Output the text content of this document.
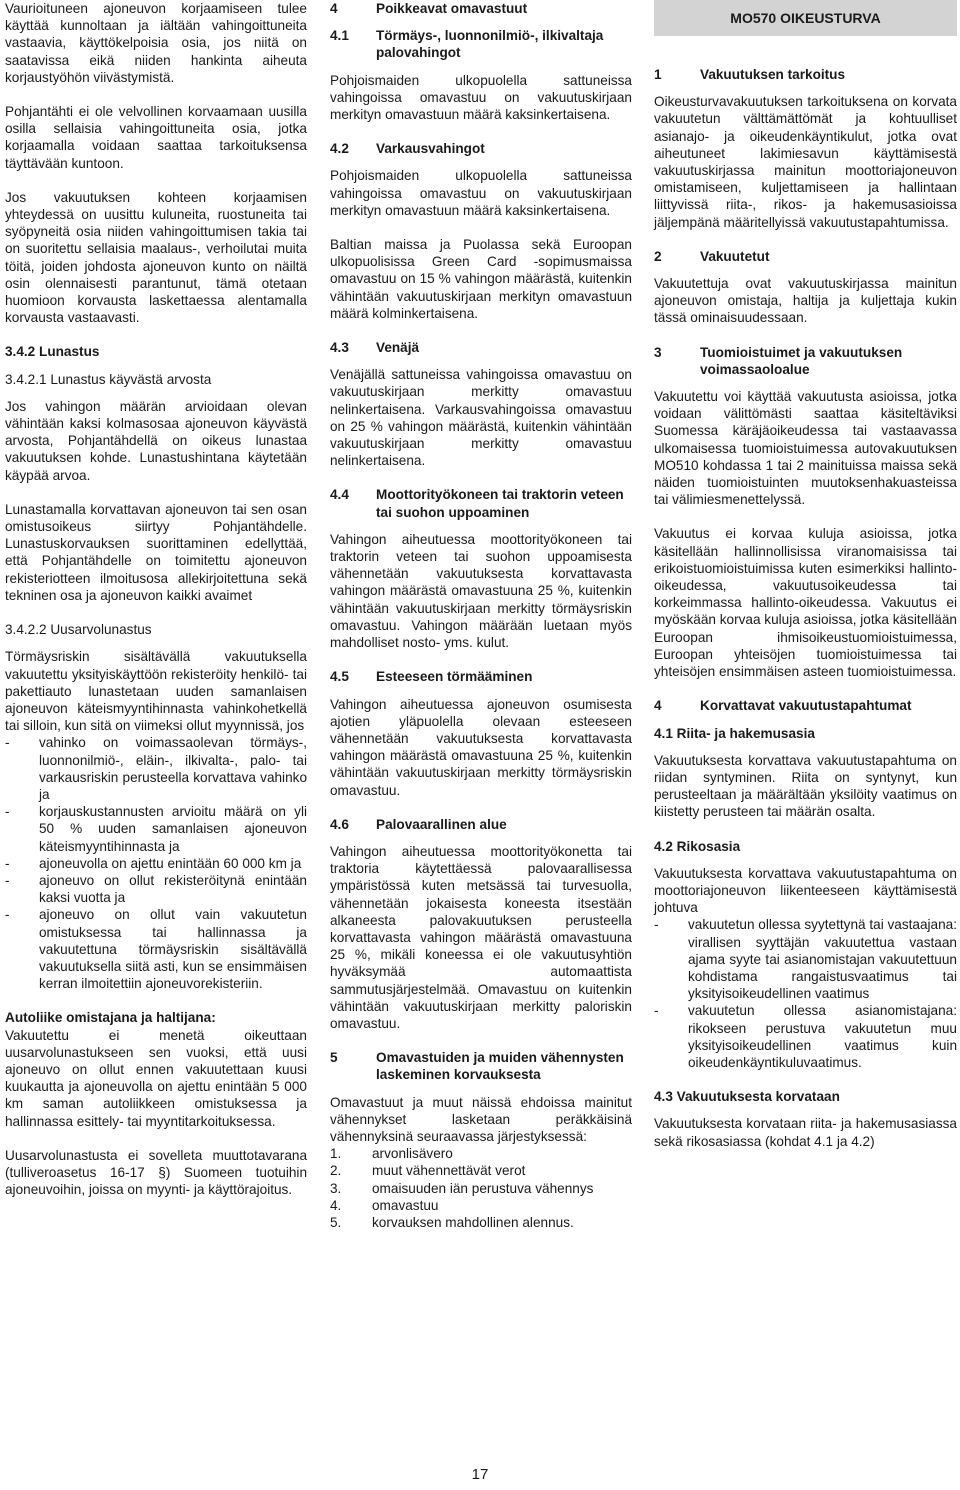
Vaurioituneen ajoneuvon korjaamiseen tulee käyttää kunnoltaan ja iältään vahingoittuneita vastaavia, käyttökelpoisia osia, jos niitä on saatavissa eikä niiden hankinta aiheuta korjaustyöhön viivästymistä.

Pohjantähti ei ole velvollinen korvaamaan uusilla osilla sellaisia vahingoittuneita osia, jotka korjaamalla voidaan saattaa tarkoituksensa täyttävään kuntoon.

Jos vakuutuksen kohteen korjaamisen yhteydessä on uusittu kuluneita, ruostuneita tai syöpyneitä osia niiden vahingoittumisen takia tai on suoritettu sellaisia maalaus-, verhoilutai muita töitä, joiden johdosta ajoneuvon kunto on näiltä osin olennaisesti parantunut, tämä otetaan huomioon korvausta laskettaessa alentamalla korvausta vastaavasti.

3.4.2 Lunastus
3.4.2.1 Lunastus käyvästä arvosta

Jos vahingon määrän arvioidaan olevan vähintään kaksi kolmasosaa ajoneuvon käyvästä arvosta, Pohjantähdellä on oikeus lunastaa vakuutuksen kohde. Lunastushintana käytetään käypää arvoa.

Lunastamalla korvattavan ajoneuvon tai sen osan omistusoikeus siirtyy Pohjantähdelle. Lunastuskorvauksen suorittaminen edellyttää, että Pohjantähdelle on toimitettu ajoneuvon rekisteriotteen ilmoitusosa allekirjoitettuna sekä tekninen osa ja ajoneuvon kaikki avaimet

3.4.2.2 Uusarvolunastus

Törmäysriskin sisältävällä vakuutuksella vakuutettu yksityiskäyttöön rekisteröity henkilö- tai pakettiauto lunastetaan uuden samanlaisen ajoneuvon käteismyyntihinnasta vahinkohetkellä tai silloin, kun sitä on viimeksi ollut myynnissä, jos

-	vahinko on voimassaolevan törmäys-, luonnonilmiö-, eläin-, ilkivalta-, palo- tai varkausriskin perusteella korvattava vahinko ja
-	korjauskustannusten arvioitu määrä on yli 50 % uuden samanlaisen ajoneuvon käteismyyntihinnasta ja
-	ajoneuvolla on ajettu enintään 60 000 km ja
-	ajoneuvo on ollut rekisteröitynä enintään kaksi vuotta ja
-	ajoneuvo on ollut vain vakuutetun omistuksessa tai hallinnassa ja vakuutettuna törmäysriskin sisältävällä vakuutuksella siitä asti, kun se ensimmäisen kerran ilmoitettiin ajoneuvorekisteriin.
Autoliike omistajana ja haltijana:

Vakuutettu ei menetä oikeuttaan uusarvolunastukseen sen vuoksi, että uusi ajoneuvo on ollut ennen vakuutettaan kuusi kuukautta ja ajoneuvolla on ajettu enintään 5 000 km saman autoliikkeen omistuksessa ja hallinnassa esittely- tai myyntitarkoituksessa.

Uusarvolunastusta ei sovelleta muuttotavarana (tulliveroasetus 16-17 §) Suomeen tuotuihin ajoneuvoihin, joissa on myynti- ja käyttörajoitus.

4	Poikkeavat omavastuut
4.1	Törmäys-, luonnonilmiö-, ilkivaltaja palovahingot

Pohjoismaiden ulkopuolella sattuneissa vahingoissa omavastuu on vakuutuskirjaan merkityn omavastuun määrä kaksinkertaisena.

4.2	Varkausvahingot

Pohjoismaiden ulkopuolella sattuneissa vahingoissa omavastuu on vakuutuskirjaan merkityn omavastuun määrä kaksinkertaisena.

Baltian maissa ja Puolassa sekä Euroopan ulkopuolisissa Green Card -sopimusmaissa omavastuu on 15 % vahingon määrästä, kuitenkin vähintään vakuutuskirjaan merkityn omavastuun määrä kolminkertaisena.

4.3	Venäjä

Venäjällä sattuneissa vahingoissa omavastuu on vakuutuskirjaan merkitty omavastuu nelinkertaisena. Varkausvahingoissa omavastuu on 25 % vahingon määrästä, kuitenkin vähintään vakuutuskirjaan merkitty omavastuu nelinkertaisena.

4.4	Moottorityökoneen tai traktorin veteen tai suohon uppoaminen

Vahingon aiheutuessa moottorityökoneen tai traktorin veteen tai suohon uppoamisesta vähennetään vakuutuksesta korvattavasta vahingon määrästä omavastuuna 25 %, kuitenkin vähintään vakuutuskirjaan merkitty törmäysriskin omavastuu. Vahingon määrään luetaan myös mahdolliset nosto- yms. kulut.

4.5	Esteeseen törmääminen

Vahingon aiheutuessa ajoneuvon osumisesta ajotien yläpuolella olevaan esteeseen vähennetään vakuutuksesta korvattavasta vahingon määrästä omavastuuna 25 %, kuitenkin vähintään vakuutuskirjaan merkitty törmäysriskin omavastuu.

4.6	Palovaarallinen alue

Vahingon aiheutuessa moottorityökonetta tai traktoria käytettäessä palovaarallisessa ympäristössä kuten metsässä tai turvesuolla, vähennetään jokaisesta koneesta itsestään alkaneesta palovakuutuksen perusteella korvattavasta vahingon määrästä omavastuuna 25 %, mikäli koneessa ei ole vakuutusyhtiön hyväksymää automaattista sammutusjärjestelmää. Omavastuu on kuitenkin vähintään vakuutuskirjaan merkitty paloriskin omavastuu.

5	Omavastuiden ja muiden vähennysten laskeminen korvauksesta

Omavastuut ja muut näissä ehdoissa mainitut vähennykset lasketaan peräkkäisinä vähennyksinä seuraavassa järjestyksessä:

1.	arvonlisävero
2.	muut vähennettävät verot
3.	omaisuuden iän perustuva vähennys
4.	omavastuu
5.	korvauksen mahdollinen alennus.
MO570 OIKEUSTURVA
1	Vakuutuksen tarkoitus

Oikeusturvavakuutuksen tarkoituksena on korvata vakuutetun välttämättömät ja kohtuulliset asianajo- ja oikeudenkäyntikulut, jotka ovat aiheutuneet lakimiesavun käyttämisestä vakuutuskirjassa mainitun moottoriajoneuvon omistamiseen, kuljettamiseen ja hallintaan liittyvissä riita-, rikos- ja hakemusasioissa jäljempänä määritellyissä vakuutustapahtumissa.

2	Vakuutetut

Vakuutettuja ovat vakuutuskirjassa mainitun ajoneuvon omistaja, haltija ja kuljettaja kukin tässä ominaisuudessaan.

3	Tuomioistuimet ja vakuutuksen voimassaoloalue

Vakuutettu voi käyttää vakuutusta asioissa, jotka voidaan välittömästi saattaa käsiteltäviksi Suomessa käräjäoikeudessa tai vastaavassa ulkomaisessa tuomioistuimessa autovakuutuksen MO510 kohdassa 1 tai 2 mainituissa maissa sekä näiden tuomioistuinten muutoksenhakuasteissa tai välimiesmenettelyssä.

Vakuutus ei korvaa kuluja asioissa, jotka käsitellään hallinnollisissa viranomaisissa tai erikoistuomioistuimissa kuten esimerkiksi hallinto-oikeudessa, vakuutusoikeudessa tai korkeimmassa hallinto-oikeudessa. Vakuutus ei myöskään korvaa kuluja asioissa, jotka käsitellään Euroopan ihmisoikeustuomioistuimessa, Euroopan yhteisöjen tuomioistuimessa tai yhteisöjen ensimmäisen asteen tuomioistuimessa.

4	Korvattavat vakuutustapahtumat
4.1 Riita- ja hakemusasia

Vakuutuksesta korvattava vakuutustapahtuma on riidan syntyminen. Riita on syntynyt, kun perusteeltaan ja määrältään yksilöity vaatimus on kiistetty perusteen tai määrän osalta.

4.2 Rikosasia

Vakuutuksesta korvattava vakuutustapahtuma on moottoriajoneuvon liikenteeseen käyttämisestä johtuva

-	vakuutetun ollessa syytettynä tai vastaajana: virallisen syyttäjän vakuutettua vastaan ajama syyte tai asianomistajan vakuutettuun kohdistama rangaistusvaatimus tai yksityisoikeudellinen vaatimus
-	vakuutetun ollessa asianomistajana: rikokseen perustuva vakuutetun muu yksityisoikeudellinen vaatimus kuin oikeudenkäyntikuluvaatimus.
4.3 Vakuutuksesta korvataan

Vakuutuksesta korvataan riita- ja hakemusasiassa sekä rikosasiassa (kohdat 4.1 ja 4.2)

17
